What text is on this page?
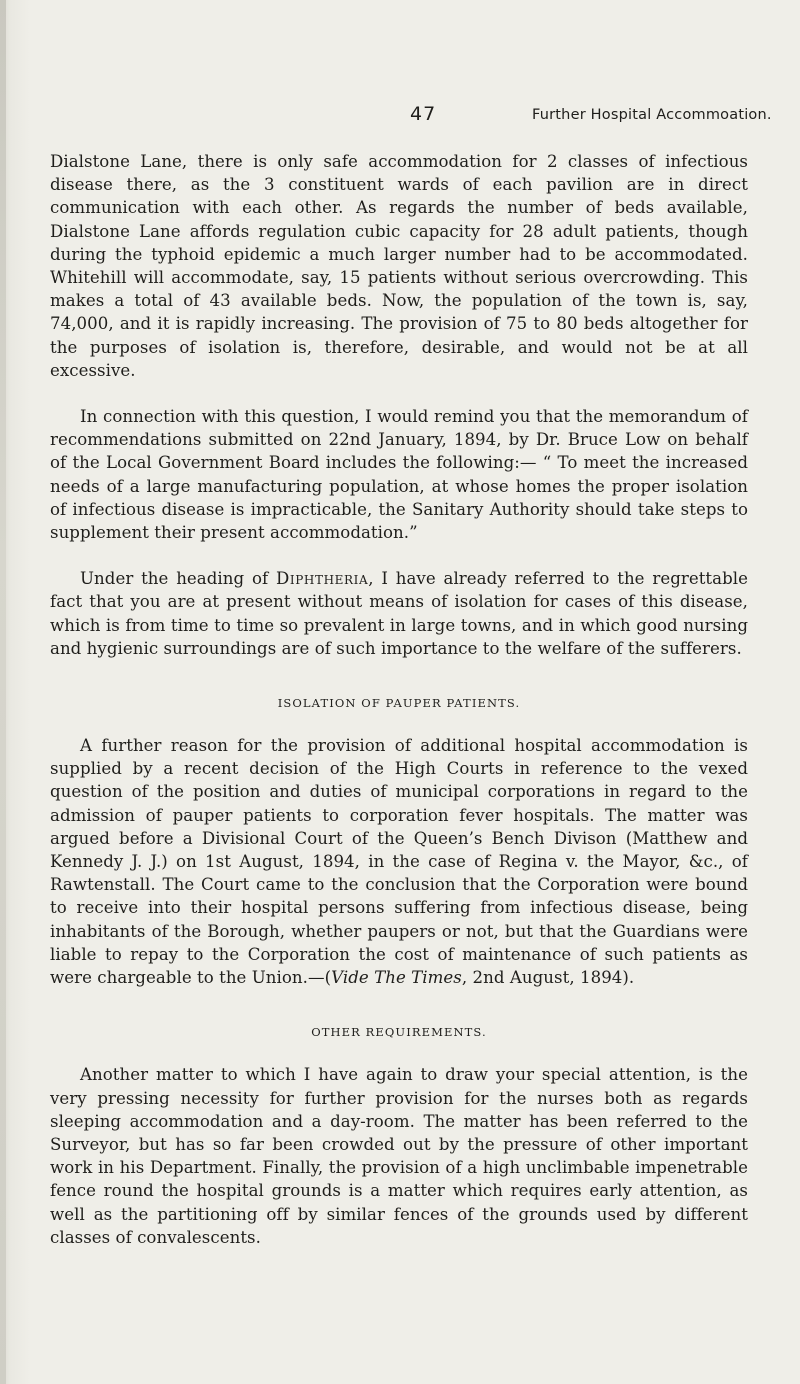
47	Further Hospital Accommoation.

Dialstone Lane, there is only safe accommodation for 2 classes of infectious disease there, as the 3 constituent wards of each pavilion are in direct communication with each other. As regards the number of beds available, Dialstone Lane affords regulation cubic capacity for 28 adult patients, though during the typhoid epidemic a much larger number had to be accommodated. Whitehill will accommodate, say, 15 patients without serious overcrowding. This makes a total of 43 available beds. Now, the population of the town is, say, 74,000, and it is rapidly increasing. The provision of 75 to 80 beds altogether for the purposes of isolation is, therefore, desirable, and would not be at all excessive.

In connection with this question, I would remind you that the memorandum of recommendations submitted on 22nd January, 1894, by Dr. Bruce Low on behalf of the Local Government Board includes the following:— “ To meet the increased needs of a large manufacturing population, at whose homes the proper isolation of infectious disease is impracticable, the Sanitary Authority should take steps to supplement their present accommodation.”

Under the heading of Diphtheria, I have already referred to the regrettable fact that you are at present without means of isolation for cases of this disease, which is from time to time so prevalent in large towns, and in which good nursing and hygienic surroundings are of such importance to the welfare of the sufferers.

ISOLATION OF PAUPER PATIENTS.

A further reason for the provision of additional hospital accommodation is supplied by a recent decision of the High Courts in reference to the vexed question of the position and duties of municipal corporations in regard to the admission of pauper patients to corporation fever hospitals. The matter was argued before a Divisional Court of the Queen’s Bench Divison (Matthew and Kennedy J. J.) on 1st August, 1894, in the case of Regina v. the Mayor, &c., of Rawtenstall. The Court came to the conclusion that the Corporation were bound to receive into their hospital persons suffering from infectious disease, being inhabitants of the Borough, whether paupers or not, but that the Guardians were liable to repay to the Corporation the cost of maintenance of such patients as were chargeable to the Union.—(Vide The Times, 2nd August, 1894).

OTHER REQUIREMENTS.

Another matter to which I have again to draw your special attention, is the very pressing necessity for further provision for the nurses both as regards sleeping accommodation and a day-room. The matter has been referred to the Surveyor, but has so far been crowded out by the pressure of other important work in his Department. Finally, the provision of a high unclimbable impenetrable fence round the hospital grounds is a matter which requires early attention, as well as the partitioning off by similar fences of the grounds used by different classes of convalescents.
